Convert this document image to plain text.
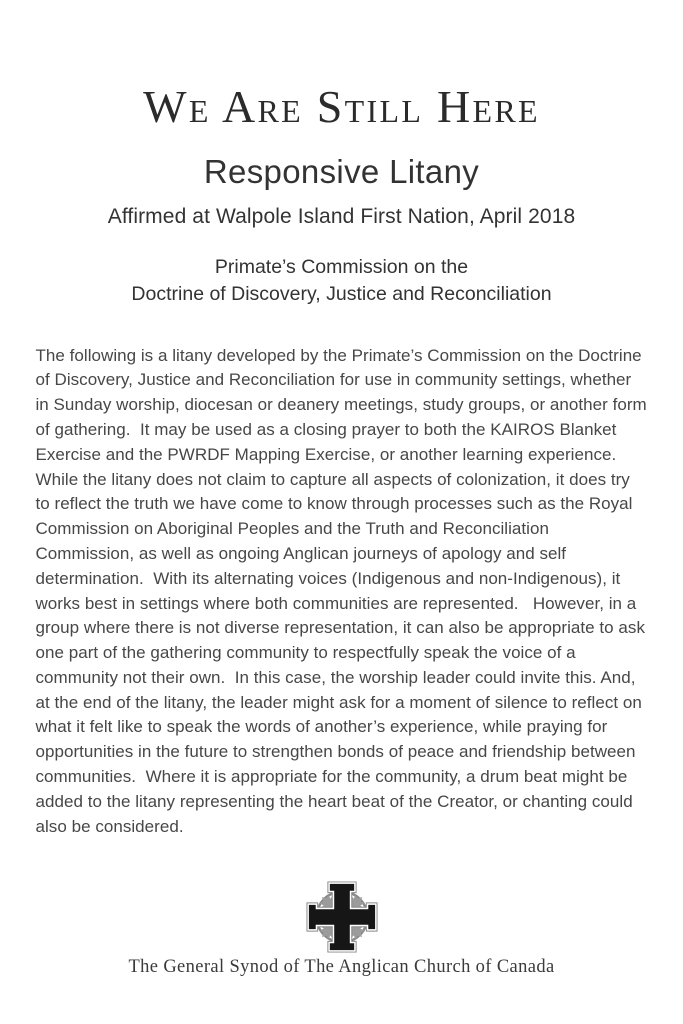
We Are Still Here
Responsive Litany
Affirmed at Walpole Island First Nation, April 2018
Primate’s Commission on the
Doctrine of Discovery, Justice and Reconciliation
The following is a litany developed by the Primate’s Commission on the Doctrine of Discovery, Justice and Reconciliation for use in community settings, whether in Sunday worship, diocesan or deanery meetings, study groups, or another form of gathering.  It may be used as a closing prayer to both the KAIROS Blanket Exercise and the PWRDF Mapping Exercise, or another learning experience. While the litany does not claim to capture all aspects of colonization, it does try to reflect the truth we have come to know through processes such as the Royal Commission on Aboriginal Peoples and the Truth and Reconciliation Commission, as well as ongoing Anglican journeys of apology and self determination.  With its alternating voices (Indigenous and non-Indigenous), it works best in settings where both communities are represented.   However, in a group where there is not diverse representation, it can also be appropriate to ask one part of the gathering community to respectfully speak the voice of a community not their own.  In this case, the worship leader could invite this. And, at the end of the litany, the leader might ask for a moment of silence to reflect on what it felt like to speak the words of another’s experience, while praying for opportunities in the future to strengthen bonds of peace and friendship between communities.  Where it is appropriate for the community, a drum beat might be added to the litany representing the heart beat of the Creator, or chanting could also be considered.
The General Synod of The Anglican Church of Canada
